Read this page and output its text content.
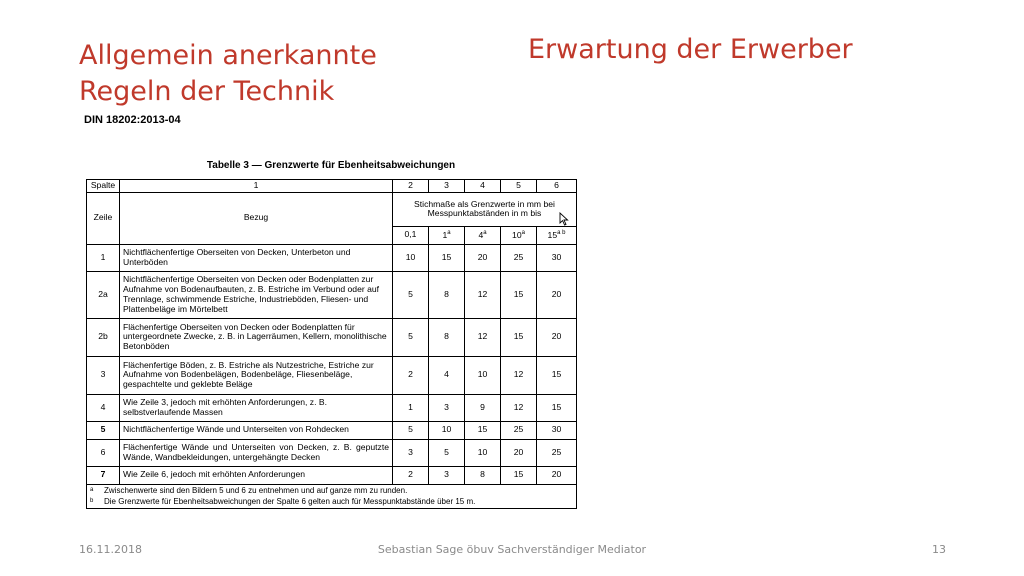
Allgemein anerkannte
Regeln der Technik
Erwartung der Erwerber
DIN 18202:2013-04
Tabelle 3 — Grenzwerte für Ebenheitsabweichungen
Spalte	1	2	3	4	5	6
Zeile	Bezug	Stichmaße als Grenzwerte in mm bei
Messpunktabständen in m bis				

		0,1	1$^a$	4$^a$	10$^a$	$15^{a b}$
1	Nichtflächenfertige Oberseiten von Decken, Unterbeton und Unterböden	10	15	20	25	30
2a	Nichtflächenfertige Oberseiten von Decken oder Bodenplatten zur Aufnahme von Bodenaufbauten, z. B. Estriche im Verbund oder auf Trennlage, schwimmende Estriche, Industrieböden, Fliesen- und Plattenbeläge im Mörtelbett	5	8	12	15	20
2b	Flächenfertige Oberseiten von Decken oder Bodenplatten für untergeordnete Zwecke, z. B. in Lagerräumen, Kellern, monolithische Betonböden	5	8	12	15	20
3	Flächenfertige Böden, z. B. Estriche als Nutzestriche, Estriche zur Aufnahme von Bodenbelägen, Bodenbeläge, Fliesenbeläge, gespachtelte und geklebte Beläge	2	4	10	12	15
4	Wie Zeile 3, jedoch mit erhöhten Anforderungen, z. B. selbstverlaufende Massen	1	3	9	12	15
5	Nichtflächenfertige Wände und Unterseiten von Rohdecken	5	10	15	25	30
6	Flächenfertige Wände und Unterseiten von Decken, z. B. geputzte Wände, Wandbekleidungen, untergehängte Decken	3	5	10	20	25
7	Wie Zeile 6, jedoch mit erhöhten Anforderungen	2	3	8	15	20

a Zwischenwerte sind den Bildern 5 und 6 zu entnehmen und auf ganze mm zu runden.
b Die Grenzwerte für Ebenheitsabweichungen der Spalte 6 gelten auch für Messpunktabstände über 15 m.						
16.11.2018	Sebastian Sage öbuv Sachverständiger Mediator	13
